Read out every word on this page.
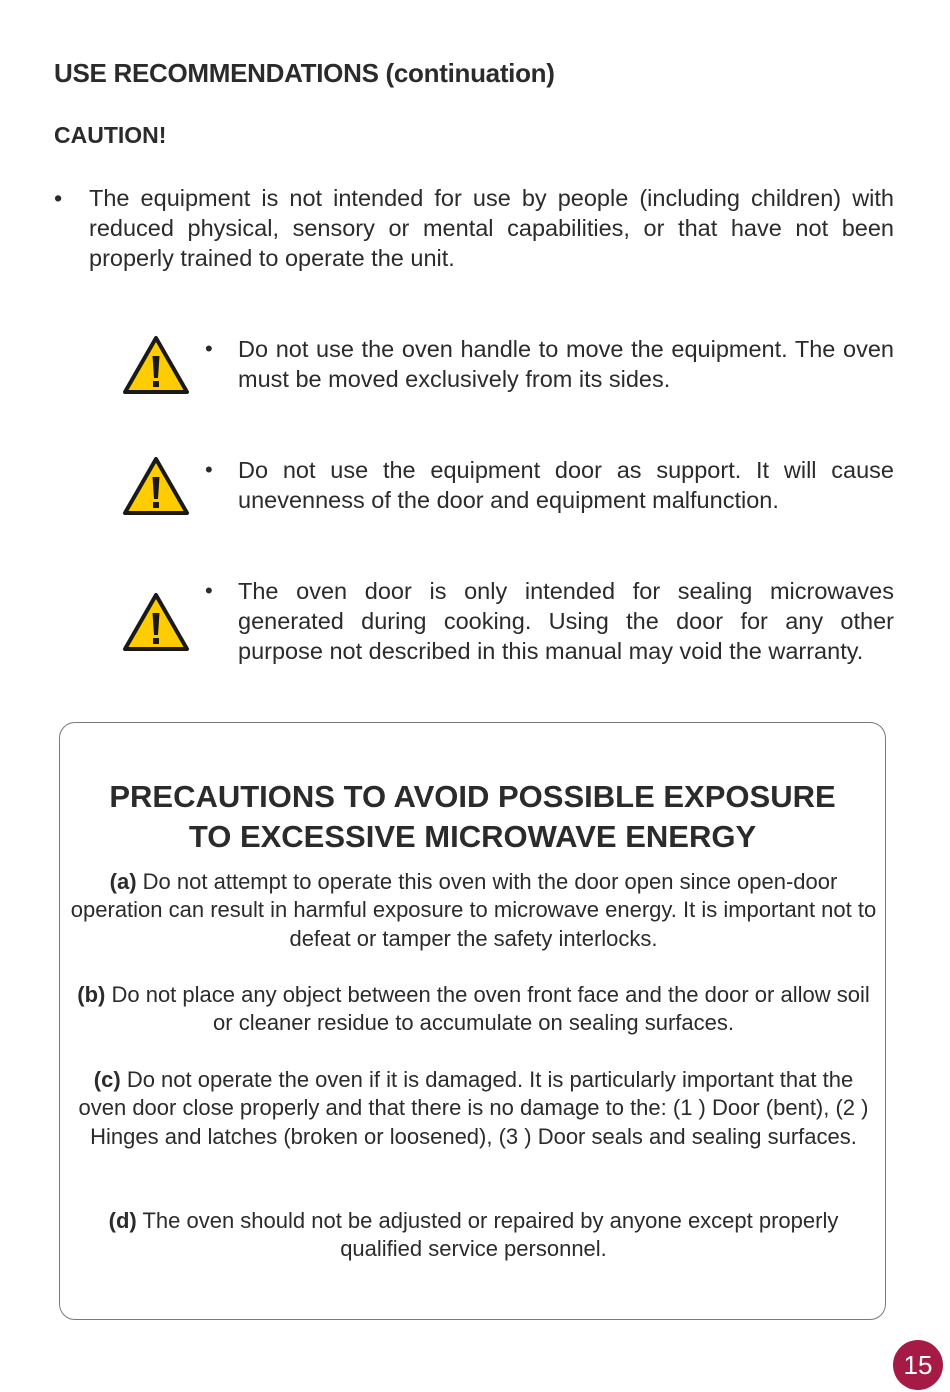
USE RECOMMENDATIONS (continuation)
CAUTION!
• The equipment is not intended for use by people (including children) with reduced physical, sensory or mental capabilities, or that have not been properly trained to operate the unit.
• Do not use the oven handle to move the equipment. The oven must be moved exclusively from its sides.
• Do not use the equipment door as support. It will cause unevenness of the door and equipment malfunction.
• The oven door is only intended for sealing microwaves generated during cooking. Using the door for any other purpose not described in this manual may void the warranty.
PRECAUTIONS TO AVOID POSSIBLE EXPOSURE
TO EXCESSIVE MICROWAVE ENERGY
(a) Do not attempt to operate this oven with the door open since open-door operation can result in harmful exposure to microwave energy. It is important not to defeat or tamper the safety interlocks.
(b) Do not place any object between the oven front face and the door or allow soil or cleaner residue to accumulate on sealing surfaces.
(c) Do not operate the oven if it is damaged. It is particularly important that the oven door close properly and that there is no damage to the: (1 ) Door (bent), (2 ) Hinges and latches (broken or loosened), (3 ) Door seals and sealing surfaces.
(d) The oven should not be adjusted or repaired by anyone except properly qualified service personnel.
15
